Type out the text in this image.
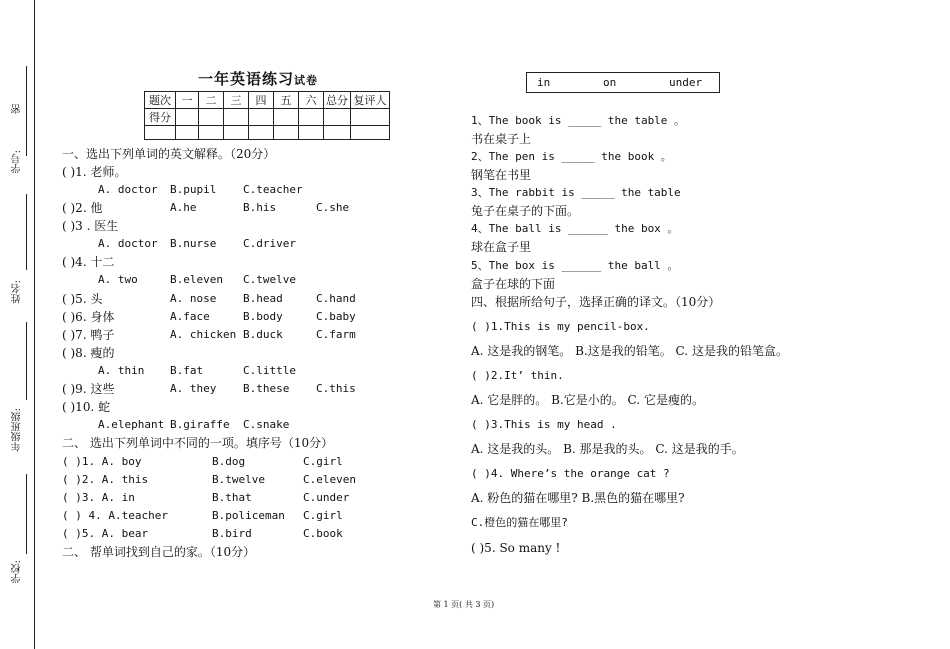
密
学号:
姓名:
年级班级:
学校:
一年英语练习试卷
题次	一	二	三	四	五	六	总分	复评人
得分								

一、选出下列单词的英文解释。（20分）
( )1. 老师。
A. doctor B.pupil C.teacher
( )2. 他	A.he	B.his	C.she
( )3 . 医生
A. doctor B.nurse C.driver
( )4. 十二
A. two	B.eleven C.twelve
( )5. 头	A. nose B.head	C.hand
( )6. 身体	A.face	B.body	C.baby
( )7. 鸭子	A. chicken B.duck	C.farm
( )8. 瘦的
A. thin B.fat	C.little
( )9. 这些	A. they B.these C.this
( )10. 蛇
A.elephant B.giraffe C.snake
二、 选出下列单词中不同的一项。填序号（10分）
( )1. A. boy	B.dog	C.girl
( )2. A. this	B.twelve	C.eleven
( )3. A. in	B.that	C.under
( ) 4. A.teacher	B.policeman C.girl
( )5. A. bear	B.bird	C.book
二、 帮单词找到自己的家。（10分）
in	on	under
1、The book is _____ the table 。
书在桌子上
2、The pen is _____ the book 。
钢笔在书里
3、The rabbit is _____ the table
兔子在桌子的下面。
4、The ball is ______ the box 。
球在盒子里
5、The box is ______ the ball 。
盒子在球的下面
四、根据所给句子，选择正确的译文。（10分）
( )1.This is my pencil-box.
A. 这是我的钢笔。 B.这是我的铅笔。 C. 这是我的铅笔盒。
( )2.It’ thin.
A. 它是胖的。 B.它是小的。 C. 它是瘦的。
( )3.This is my head .
A. 这是我的头。 B. 那是我的头。 C. 这是我的手。
( )4. Where’s the orange cat ?
A. 粉色的猫在哪里? B.黑色的猫在哪里?
C.橙色的猫在哪里?
( )5. So many !
第 1 页( 共 3 页)
